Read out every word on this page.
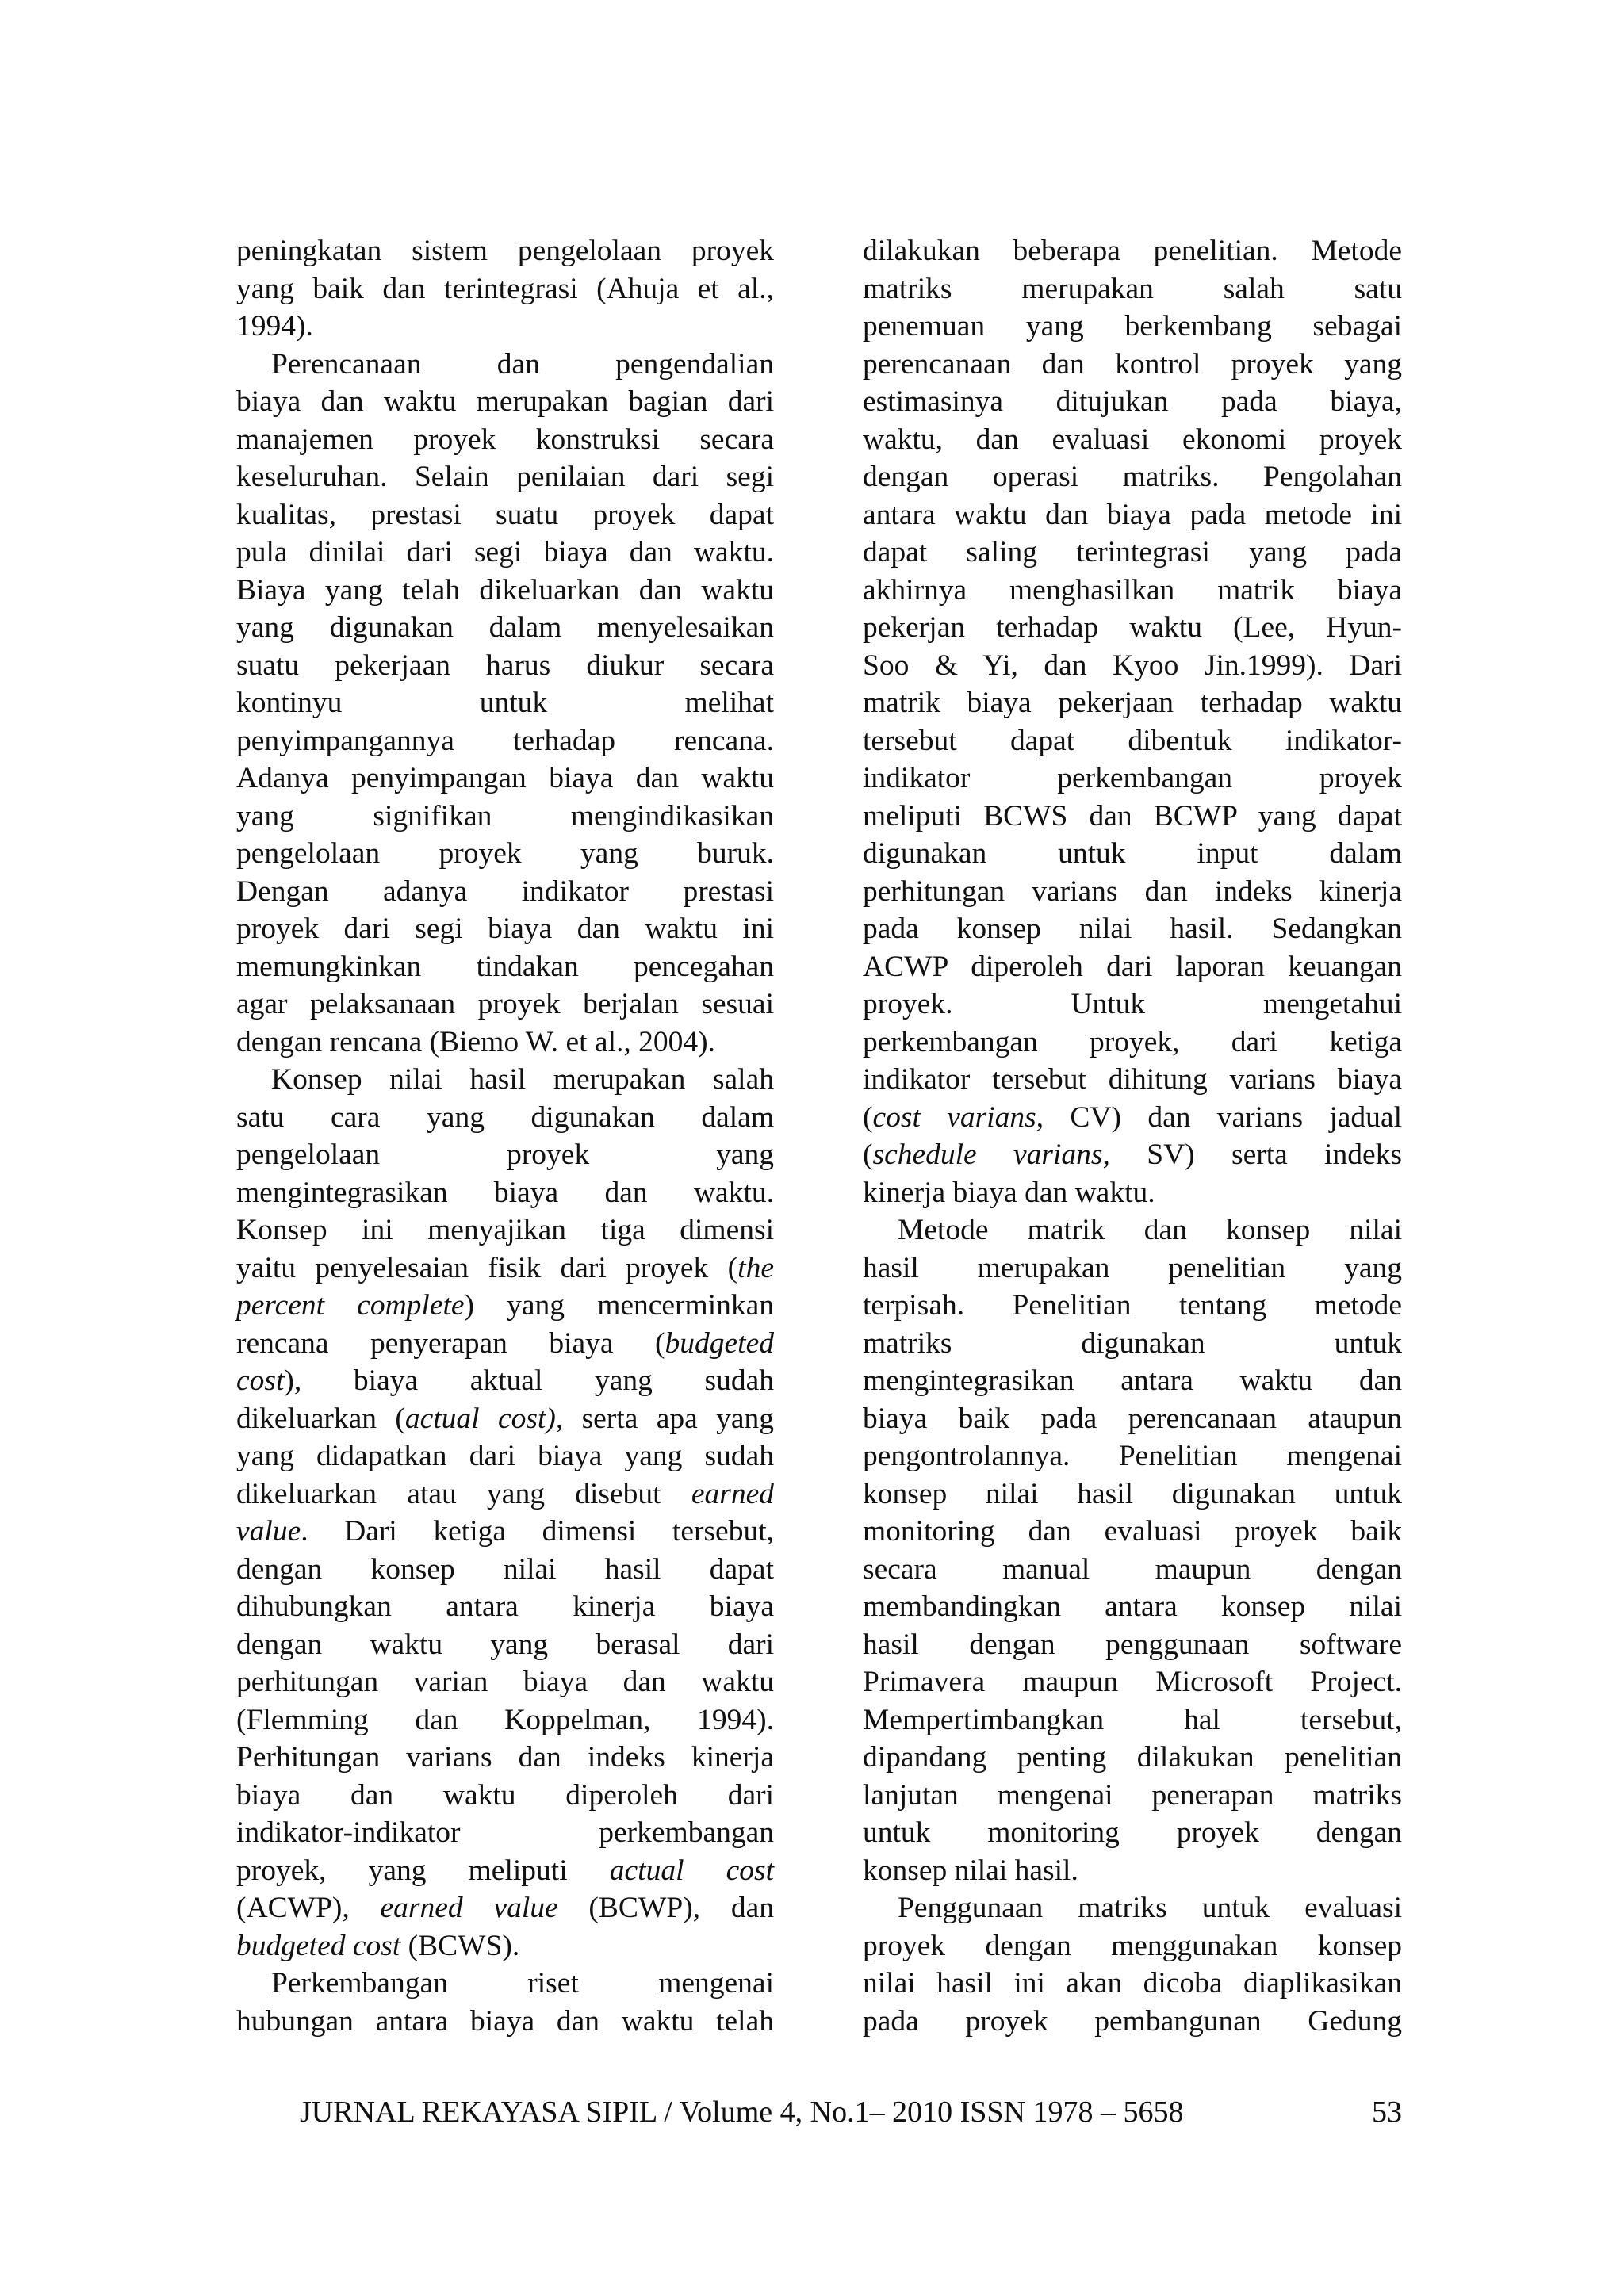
peningkatan sistem pengelolaan proyek
yang baik dan terintegrasi (Ahuja et al.,
1994).
Perencanaan dan pengendalian
biaya dan waktu merupakan bagian dari
manajemen proyek konstruksi secara
keseluruhan. Selain penilaian dari segi
kualitas, prestasi suatu proyek dapat
pula dinilai dari segi biaya dan waktu.
Biaya yang telah dikeluarkan dan waktu
yang digunakan dalam menyelesaikan
suatu pekerjaan harus diukur secara
kontinyu untuk melihat
penyimpangannya terhadap rencana.
Adanya penyimpangan biaya dan waktu
yang signifikan mengindikasikan
pengelolaan proyek yang buruk.
Dengan adanya indikator prestasi
proyek dari segi biaya dan waktu ini
memungkinkan tindakan pencegahan
agar pelaksanaan proyek berjalan sesuai
dengan rencana (Biemo W. et al., 2004).
Konsep nilai hasil merupakan salah
satu cara yang digunakan dalam
pengelolaan proyek yang
mengintegrasikan biaya dan waktu.
Konsep ini menyajikan tiga dimensi
yaitu penyelesaian fisik dari proyek (the
percent complete) yang mencerminkan
rencana penyerapan biaya (budgeted
cost), biaya aktual yang sudah
dikeluarkan (actual cost), serta apa yang
yang didapatkan dari biaya yang sudah
dikeluarkan atau yang disebut earned
value. Dari ketiga dimensi tersebut,
dengan konsep nilai hasil dapat
dihubungkan antara kinerja biaya
dengan waktu yang berasal dari
perhitungan varian biaya dan waktu
(Flemming dan Koppelman, 1994).
Perhitungan varians dan indeks kinerja
biaya dan waktu diperoleh dari
indikator-indikator perkembangan
proyek, yang meliputi actual cost
(ACWP), earned value (BCWP), dan
budgeted cost (BCWS).
Perkembangan riset mengenai
hubungan antara biaya dan waktu telah
dilakukan beberapa penelitian. Metode
matriks merupakan salah satu
penemuan yang berkembang sebagai
perencanaan dan kontrol proyek yang
estimasinya ditujukan pada biaya,
waktu, dan evaluasi ekonomi proyek
dengan operasi matriks. Pengolahan
antara waktu dan biaya pada metode ini
dapat saling terintegrasi yang pada
akhirnya menghasilkan matrik biaya
pekerjan terhadap waktu (Lee, Hyun-
Soo & Yi, dan Kyoo Jin.1999). Dari
matrik biaya pekerjaan terhadap waktu
tersebut dapat dibentuk indikator-
indikator perkembangan proyek
meliputi BCWS dan BCWP yang dapat
digunakan untuk input dalam
perhitungan varians dan indeks kinerja
pada konsep nilai hasil. Sedangkan
ACWP diperoleh dari laporan keuangan
proyek. Untuk mengetahui
perkembangan proyek, dari ketiga
indikator tersebut dihitung varians biaya
(cost varians, CV) dan varians jadual
(schedule varians, SV) serta indeks
kinerja biaya dan waktu.
Metode matrik dan konsep nilai
hasil merupakan penelitian yang
terpisah. Penelitian tentang metode
matriks digunakan untuk
mengintegrasikan antara waktu dan
biaya baik pada perencanaan ataupun
pengontrolannya. Penelitian mengenai
konsep nilai hasil digunakan untuk
monitoring dan evaluasi proyek baik
secara manual maupun dengan
membandingkan antara konsep nilai
hasil dengan penggunaan software
Primavera maupun Microsoft Project.
Mempertimbangkan hal tersebut,
dipandang penting dilakukan penelitian
lanjutan mengenai penerapan matriks
untuk monitoring proyek dengan
konsep nilai hasil.
Penggunaan matriks untuk evaluasi
proyek dengan menggunakan konsep
nilai hasil ini akan dicoba diaplikasikan
pada proyek pembangunan Gedung
JURNAL REKAYASA SIPIL / Volume 4, No.1– 2010 ISSN 1978 – 5658	53
